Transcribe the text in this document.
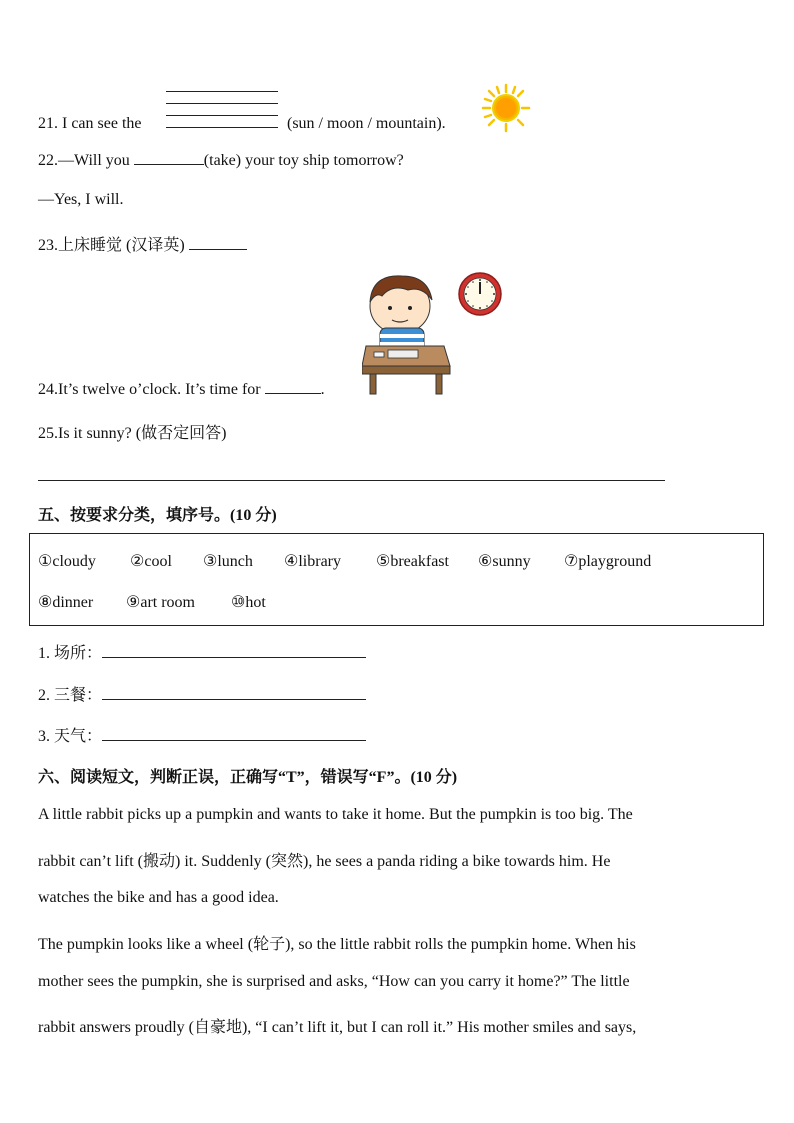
21. I can see the	(sun / moon / mountain).
22.—Will you	(take) your toy ship tomorrow?
—Yes, I will.
23.上床睡觉 (汉译英)
24.It’s twelve o’clock. It’s time for	.
25.Is it sunny? (做否定回答)
五、按要求分类，填序号。(10 分)
①cloudy ②cool ③lunch ④library ⑤breakfast ⑥sunny ⑦playground
⑧dinner ⑨art room ⑩hot
1. 场所：
2. 三餐：
3. 天气：
六、阅读短文，判断正误，正确写“T”，错误写“F”。(10 分)
A little rabbit picks up a pumpkin and wants to take it home. But the pumpkin is too big. The
rabbit can’t lift (搬动) it. Suddenly (突然), he sees a panda riding a bike towards him. He
watches the bike and has a good idea.
The pumpkin looks like a wheel (轮子), so the little rabbit rolls the pumpkin home. When his
mother sees the pumpkin, she is surprised and asks, “How can you carry it home?” The little
rabbit answers proudly (自豪地), “I can’t lift it, but I can roll it.” His mother smiles and says,
